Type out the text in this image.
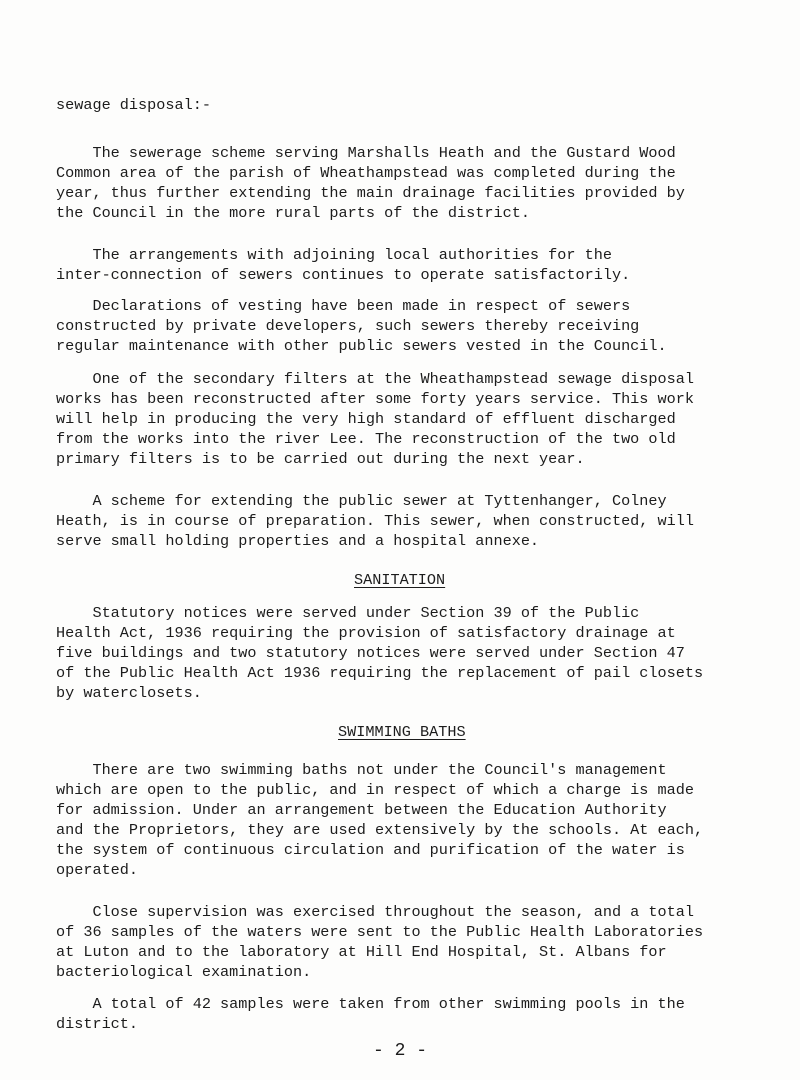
sewage disposal:-
The sewerage scheme serving Marshalls Heath and the Gustard Wood
Common area of the parish of Wheathampstead was completed during the
year, thus further extending the main drainage facilities provided by
the Council in the more rural parts of the district.
The arrangements with adjoining local authorities for the
inter-connection of sewers continues to operate satisfactorily.
Declarations of vesting have been made in respect of sewers
constructed by private developers, such sewers thereby receiving
regular maintenance with other public sewers vested in the Council.
One of the secondary filters at the Wheathampstead sewage disposal
works has been reconstructed after some forty years service. This work
will help in producing the very high standard of effluent discharged
from the works into the river Lee. The reconstruction of the two old
primary filters is to be carried out during the next year.
A scheme for extending the public sewer at Tyttenhanger, Colney
Heath, is in course of preparation. This sewer, when constructed, will
serve small holding properties and a hospital annexe.
SANITATION
Statutory notices were served under Section 39 of the Public
Health Act, 1936 requiring the provision of satisfactory drainage at
five buildings and two statutory notices were served under Section 47
of the Public Health Act 1936 requiring the replacement of pail closets
by waterclosets.
SWIMMING BATHS
There are two swimming baths not under the Council's management
which are open to the public, and in respect of which a charge is made
for admission. Under an arrangement between the Education Authority
and the Proprietors, they are used extensively by the schools. At each,
the system of continuous circulation and purification of the water is
operated.
Close supervision was exercised throughout the season, and a total
of 36 samples of the waters were sent to the Public Health Laboratories
at Luton and to the laboratory at Hill End Hospital, St. Albans for
bacteriological examination.
A total of 42 samples were taken from other swimming pools in the
district.
- 2 -
